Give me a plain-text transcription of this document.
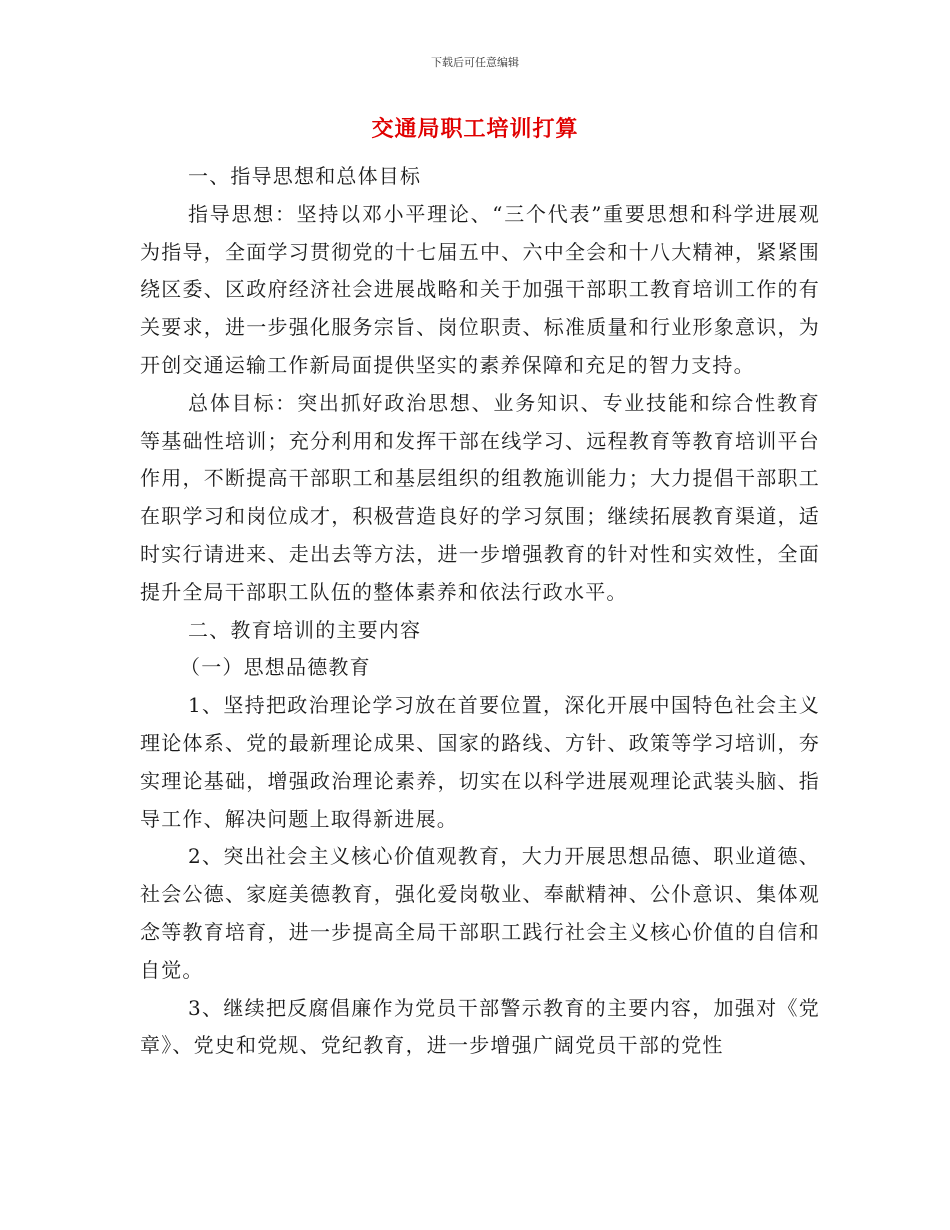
下载后可任意编辑
交通局职工培训打算

一、指导思想和总体目标

指导思想：坚持以邓小平理论、“三个代表”重要思想和科学进展观为指导，全面学习贯彻党的十七届五中、六中全会和十八大精神，紧紧围绕区委、区政府经济社会进展战略和关于加强干部职工教育培训工作的有关要求，进一步强化服务宗旨、岗位职责、标准质量和行业形象意识，为开创交通运输工作新局面提供坚实的素养保障和充足的智力支持。

总体目标：突出抓好政治思想、业务知识、专业技能和综合性教育等基础性培训；充分利用和发挥干部在线学习、远程教育等教育培训平台作用，不断提高干部职工和基层组织的组教施训能力；大力提倡干部职工在职学习和岗位成才，积极营造良好的学习氛围；继续拓展教育渠道，适时实行请进来、走出去等方法，进一步增强教育的针对性和实效性，全面提升全局干部职工队伍的整体素养和依法行政水平。

二、教育培训的主要内容

（一）思想品德教育

1、坚持把政治理论学习放在首要位置，深化开展中国特色社会主义理论体系、党的最新理论成果、国家的路线、方针、政策等学习培训，夯实理论基础，增强政治理论素养，切实在以科学进展观理论武装头脑、指导工作、解决问题上取得新进展。

2、突出社会主义核心价值观教育，大力开展思想品德、职业道德、社会公德、家庭美德教育，强化爱岗敬业、奉献精神、公仆意识、集体观念等教育培育，进一步提高全局干部职工践行社会主义核心价值的自信和自觉。

3、继续把反腐倡廉作为党员干部警示教育的主要内容，加强对《党章》、党史和党规、党纪教育，进一步增强广阔党员干部的党性
